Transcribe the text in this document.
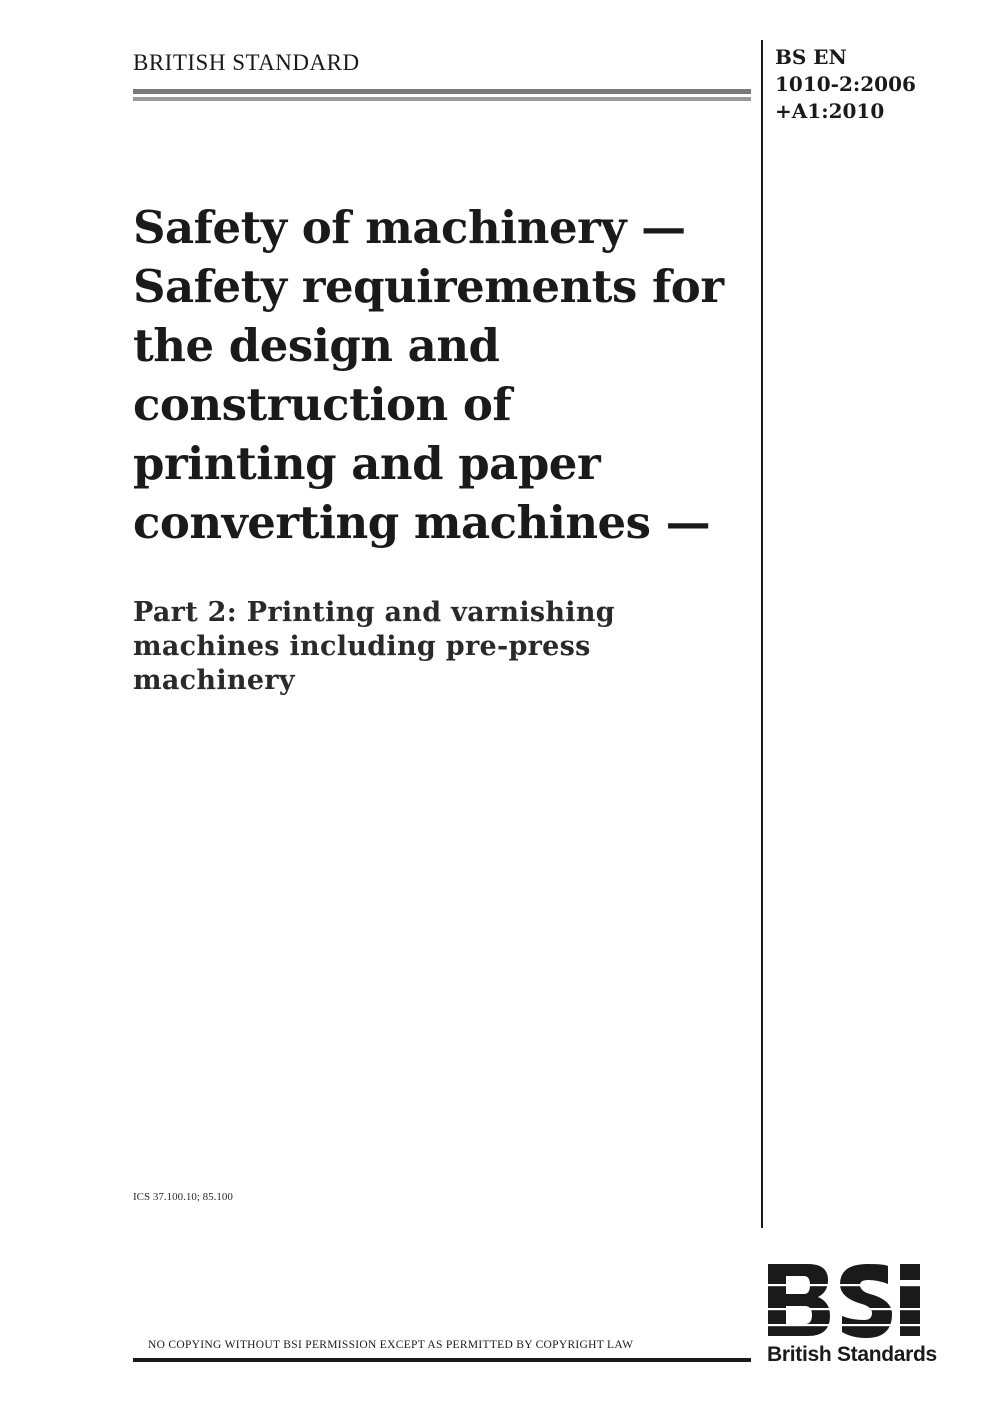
BRITISH STANDARD	BS EN
1010-2:2006
+A1:2010
Safety of machinery —
Safety requirements for
the design and
construction of
printing and paper
converting machines —
Part 2: Printing and varnishing
machines including pre-press
machinery
ICS 37.100.10; 85.100
NO COPYING WITHOUT BSI PERMISSION EXCEPT AS PERMITTED BY COPYRIGHT LAW	British Standards
